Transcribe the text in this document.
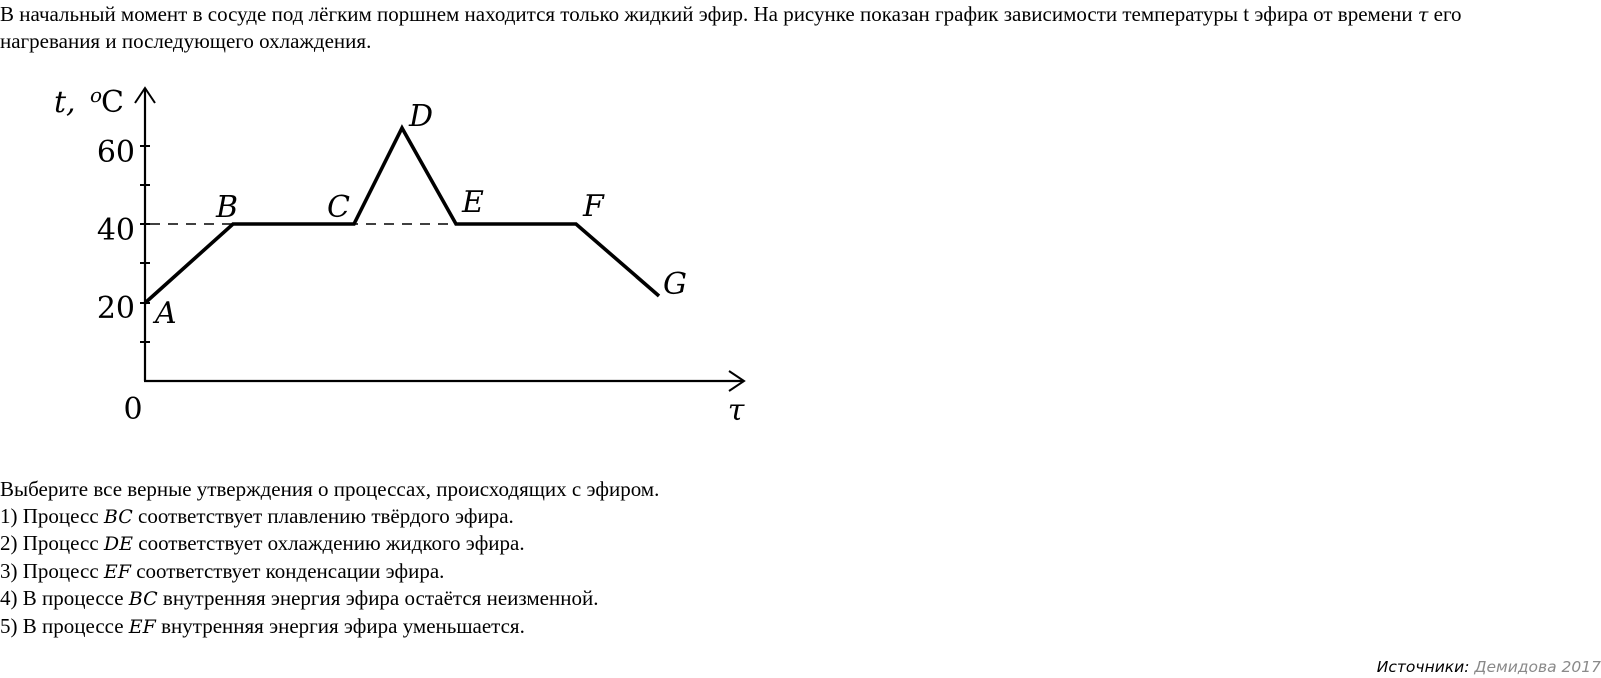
В начальный момент в сосуде под лёгким поршнем находится только жидкий эфир. На рисунке показан график зависимости температуры t эфира от времени τ его нагревания и последующего охлаждения.
t, o
C
60
40
20
0	τ
A
B	C
D
E	F
G
Выберите все верные утверждения о процессах, происходящих с эфиром.
1) Процесс BC соответствует плавлению твёрдого эфира.
2) Процесс DE соответствует охлаждению жидкого эфира.
3) Процесс EF соответствует конденсации эфира.
4) В процессе BC внутренняя энергия эфира остаётся неизменной.
5) В процессе EF внутренняя энергия эфира уменьшается.
Источники: Демидова 2017
